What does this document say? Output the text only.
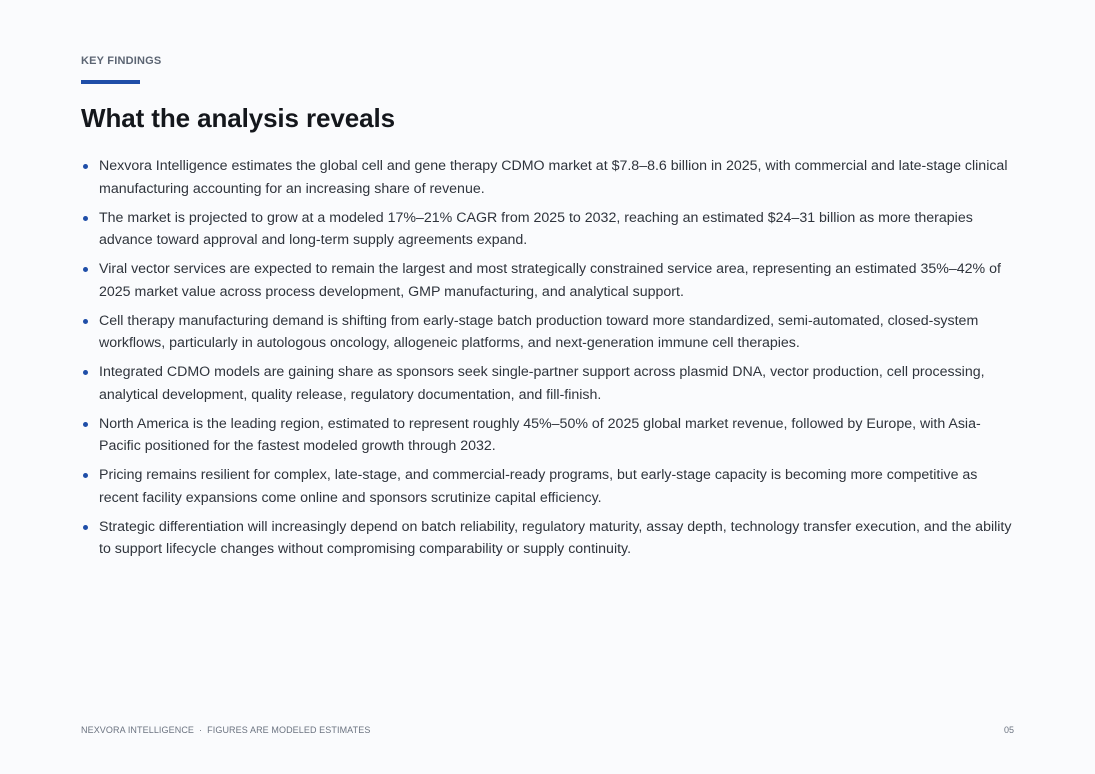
KEY FINDINGS
What the analysis reveals
Nexvora Intelligence estimates the global cell and gene therapy CDMO market at $7.8–8.6 billion in 2025, with commercial and late-stage clinical manufacturing accounting for an increasing share of revenue.
The market is projected to grow at a modeled 17%–21% CAGR from 2025 to 2032, reaching an estimated $24–31 billion as more therapies advance toward approval and long-term supply agreements expand.
Viral vector services are expected to remain the largest and most strategically constrained service area, representing an estimated 35%–42% of 2025 market value across process development, GMP manufacturing, and analytical support.
Cell therapy manufacturing demand is shifting from early-stage batch production toward more standardized, semi-automated, closed-system workflows, particularly in autologous oncology, allogeneic platforms, and next-generation immune cell therapies.
Integrated CDMO models are gaining share as sponsors seek single-partner support across plasmid DNA, vector production, cell processing, analytical development, quality release, regulatory documentation, and fill-finish.
North America is the leading region, estimated to represent roughly 45%–50% of 2025 global market revenue, followed by Europe, with Asia-Pacific positioned for the fastest modeled growth through 2032.
Pricing remains resilient for complex, late-stage, and commercial-ready programs, but early-stage capacity is becoming more competitive as recent facility expansions come online and sponsors scrutinize capital efficiency.
Strategic differentiation will increasingly depend on batch reliability, regulatory maturity, assay depth, technology transfer execution, and the ability to support lifecycle changes without compromising comparability or supply continuity.
NEXVORA INTELLIGENCE · FIGURES ARE MODELED ESTIMATES	05
